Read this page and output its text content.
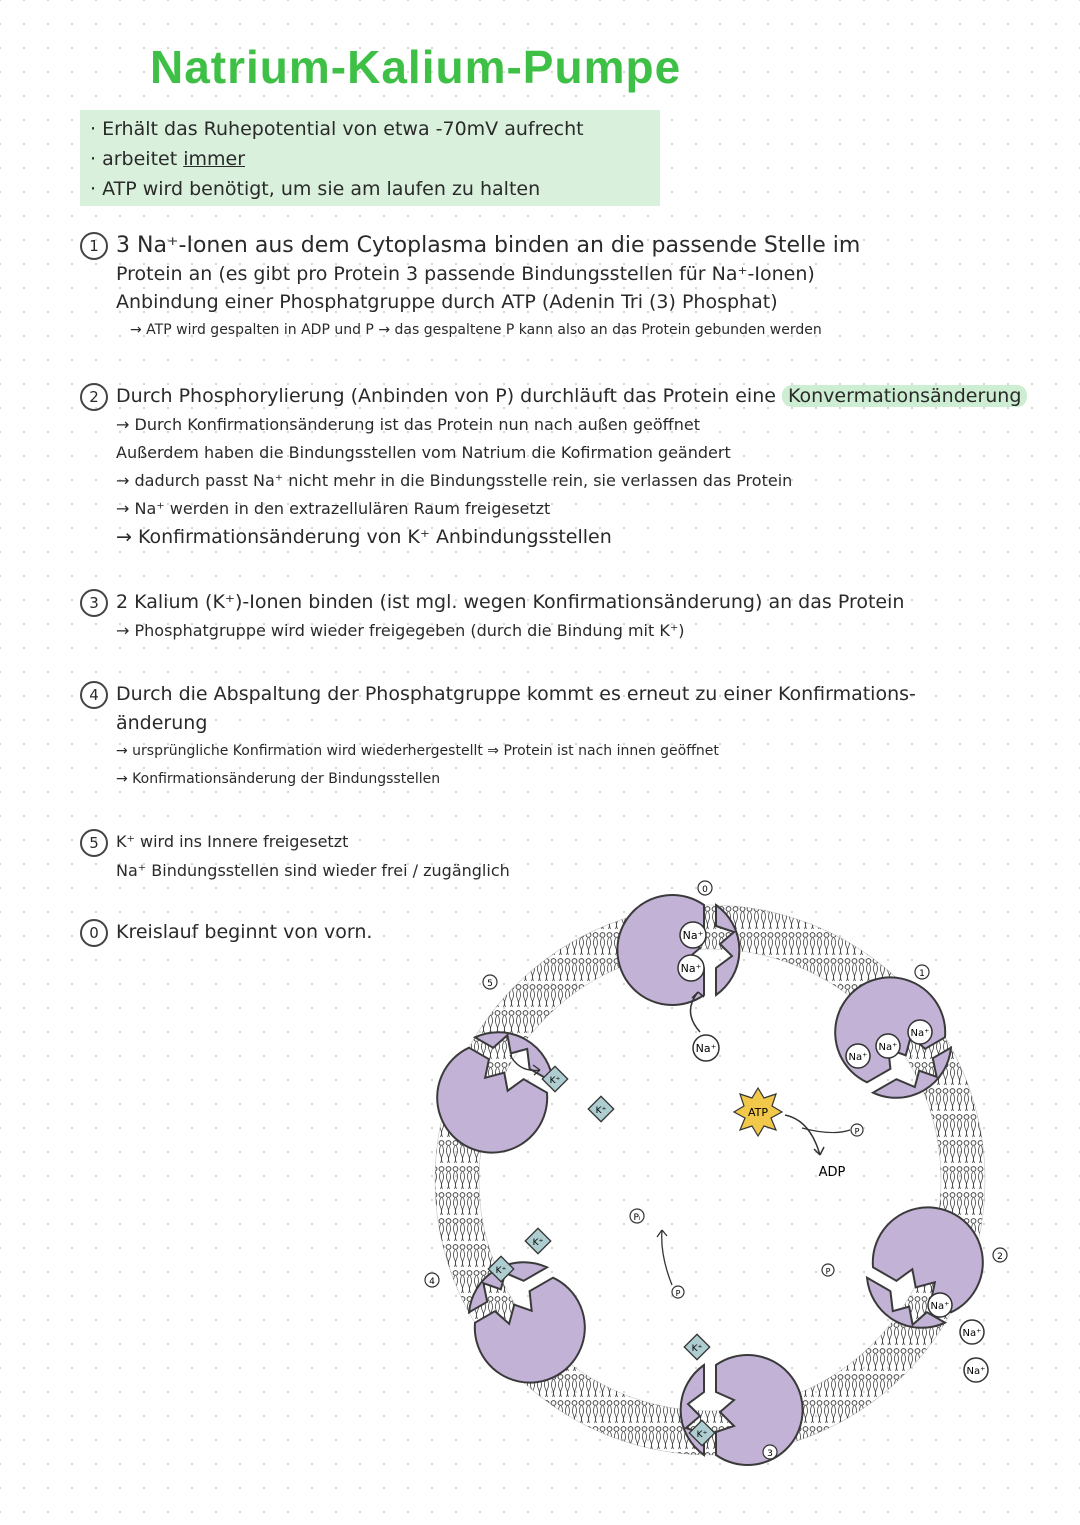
Natrium-Kalium-Pumpe
· Erhält das Ruhepotential von etwa -70mV aufrecht
· arbeitet immer
· ATP wird benötigt, um sie am laufen zu halten
1 3 Na⁺-Ionen aus dem Cytoplasma binden an die passende Stelle im
Protein an (es gibt pro Protein 3 passende Bindungsstellen für Na⁺-Ionen)
Anbindung einer Phosphatgruppe durch ATP (Adenin Tri (3) Phosphat)
→ ATP wird gespalten in ADP und P → das gespaltene P kann also an das Protein gebunden werden
2 Durch Phosphorylierung (Anbinden von P) durchläuft das Protein eine Konvermationsänderung
→ Durch Konfirmationsänderung ist das Protein nun nach außen geöffnet
Außerdem haben die Bindungsstellen vom Natrium die Kofirmation geändert
→ dadurch passt Na⁺ nicht mehr in die Bindungsstelle rein, sie verlassen das Protein
→ Na⁺ werden in den extrazellulären Raum freigesetzt
→ Konfirmationsänderung von K⁺ Anbindungsstellen
3 2 Kalium (K⁺)-Ionen binden (ist mgl. wegen Konfirmationsänderung) an das Protein
→ Phosphatgruppe wird wieder freigegeben (durch die Bindung mit K⁺)
4 Durch die Abspaltung der Phosphatgruppe kommt es erneut zu einer Konfirmations-
änderung
→ ursprüngliche Konfirmation wird wiederhergestellt ⇒ Protein ist nach innen geöffnet
→ Konfirmationsänderung der Bindungsstellen
5 K⁺ wird ins Innere freigesetzt
Na⁺ Bindungsstellen sind wieder frei / zugänglich
0 Kreislauf beginnt von vorn.	Na⁺
Na⁺
Na⁺
Na⁺
Na⁺
Na⁺
ATP
ADP
P
P
Na⁺
Na⁺
Na⁺
K⁺
K⁺
P
Pᵢ
K⁺
K⁺
K⁺
K⁺
0
1
2
3
4
5
